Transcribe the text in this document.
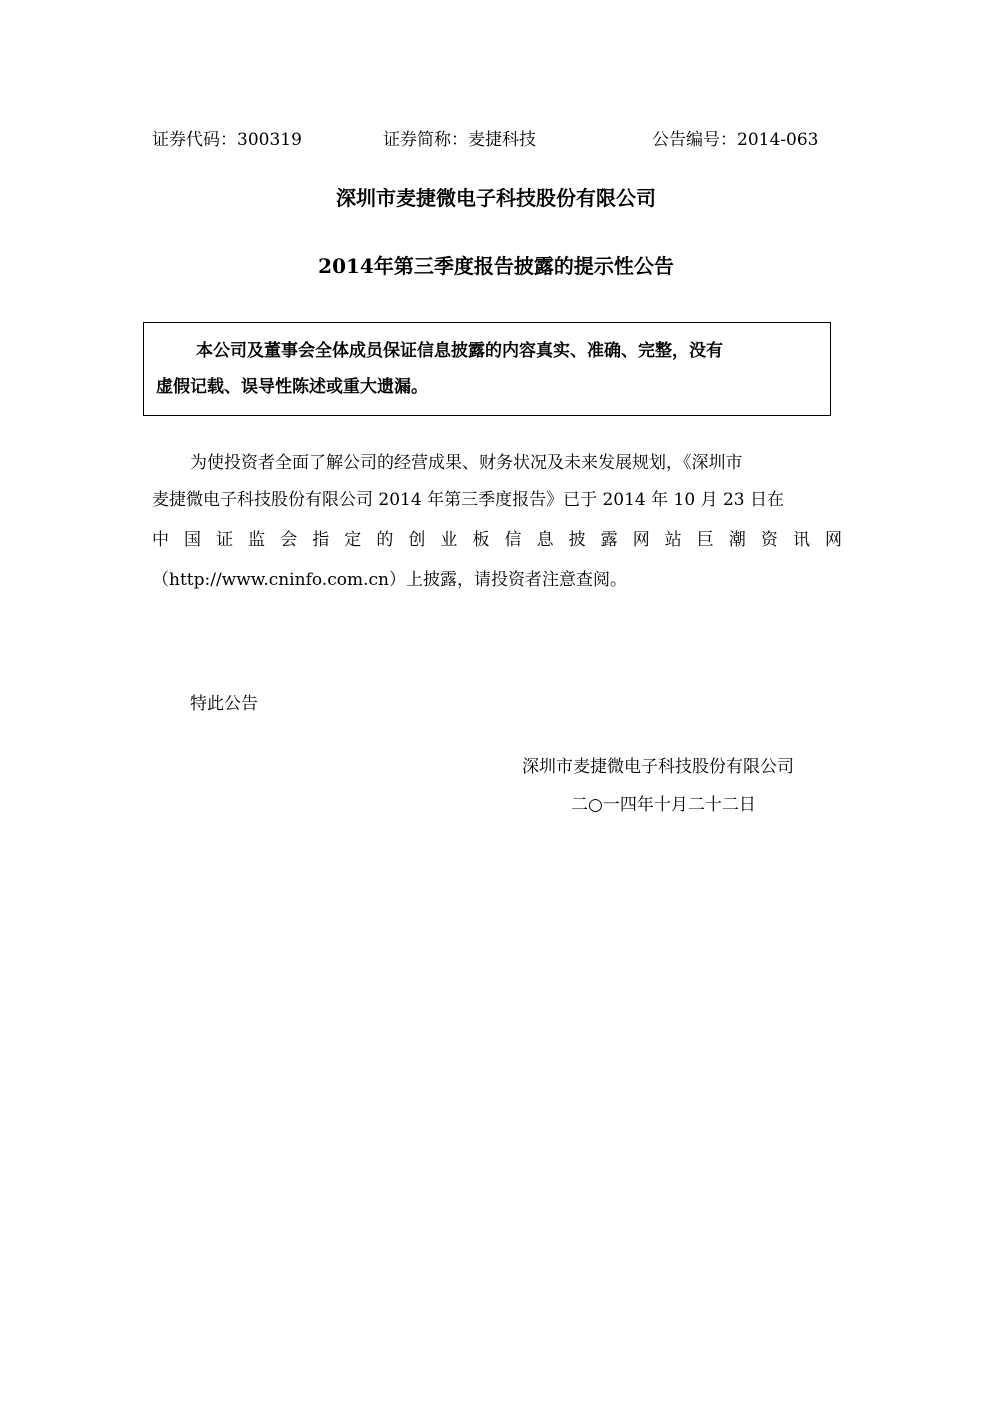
证券代码：300319	证券简称：麦捷科技	公告编号：2014-063
深圳市麦捷微电子科技股份有限公司
2014年第三季度报告披露的提示性公告
本公司及董事会全体成员保证信息披露的内容真实、准确、完整，没有
虚假记载、误导性陈述或重大遗漏。
为使投资者全面了解公司的经营成果、财务状况及未来发展规划，《深圳市
麦捷微电子科技股份有限公司 2014 年第三季度报告》已于 2014 年 10 月 23 日在
中 国 证 监 会 指 定 的 创 业 板 信 息 披 露 网 站 巨 潮 资 讯 网
（http://www.cninfo.com.cn）上披露，请投资者注意查阅。
特此公告
深圳市麦捷微电子科技股份有限公司
二○一四年十月二十二日
